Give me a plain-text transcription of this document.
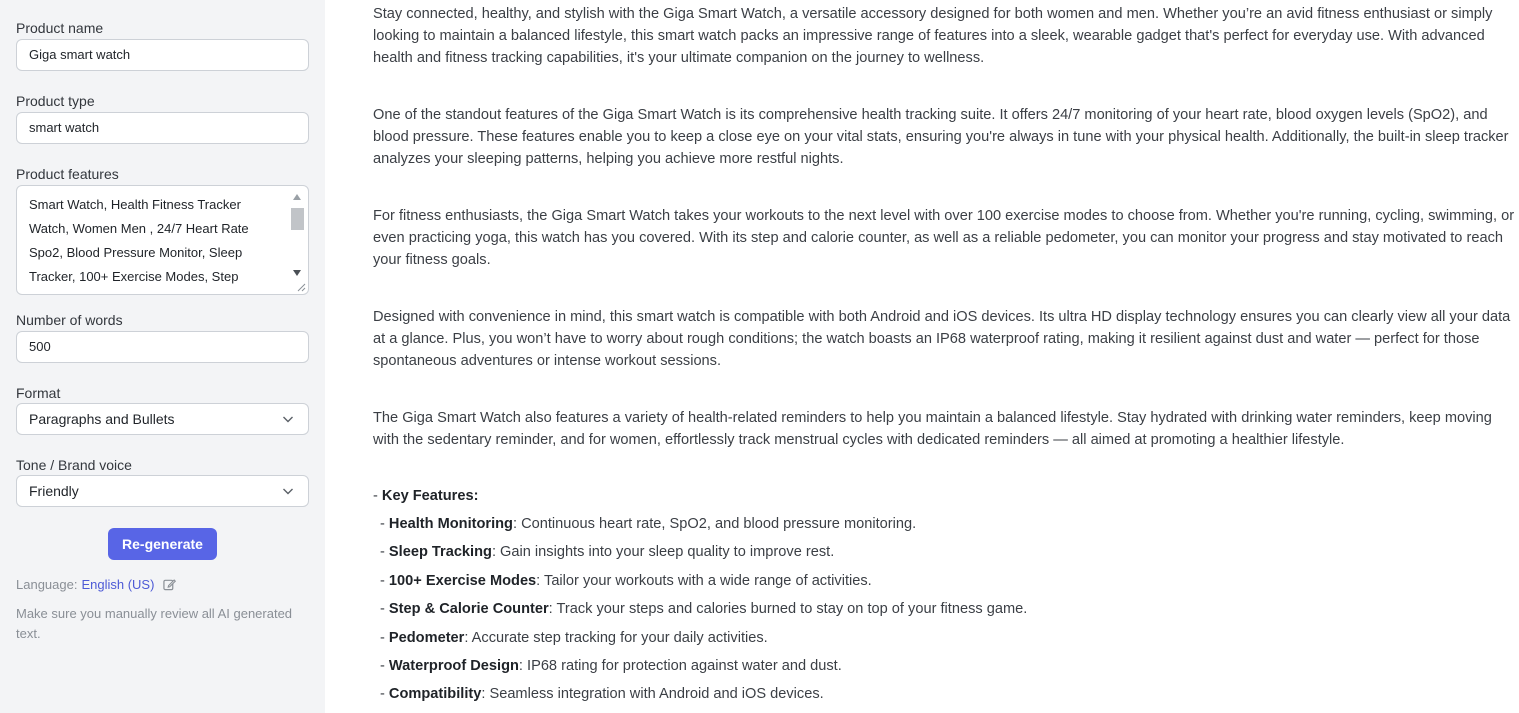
Product name
Giga smart watch
Product type
smart watch
Product features
Smart Watch, Health Fitness Tracker Watch, Women Men , 24/7 Heart Rate Spo2, Blood Pressure Monitor, Sleep Tracker, 100+ Exercise Modes, Step
Number of words
500
Format
Paragraphs and Bullets
Tone / Brand voice
Friendly
Re-generate
Language: English (US)
Make sure you manually review all AI generated text.

Stay connected, healthy, and stylish with the Giga Smart Watch, a versatile accessory designed for both women and men. Whether you’re an avid fitness enthusiast or simply looking to maintain a balanced lifestyle, this smart watch packs an impressive range of features into a sleek, wearable gadget that's perfect for everyday use. With advanced health and fitness tracking capabilities, it's your ultimate companion on the journey to wellness.

One of the standout features of the Giga Smart Watch is its comprehensive health tracking suite. It offers 24/7 monitoring of your heart rate, blood oxygen levels (SpO2), and blood pressure. These features enable you to keep a close eye on your vital stats, ensuring you're always in tune with your physical health. Additionally, the built-in sleep tracker analyzes your sleeping patterns, helping you achieve more restful nights.

For fitness enthusiasts, the Giga Smart Watch takes your workouts to the next level with over 100 exercise modes to choose from. Whether you're running, cycling, swimming, or even practicing yoga, this watch has you covered. With its step and calorie counter, as well as a reliable pedometer, you can monitor your progress and stay motivated to reach your fitness goals.

Designed with convenience in mind, this smart watch is compatible with both Android and iOS devices. Its ultra HD display technology ensures you can clearly view all your data at a glance. Plus, you won’t have to worry about rough conditions; the watch boasts an IP68 waterproof rating, making it resilient against dust and water — perfect for those spontaneous adventures or intense workout sessions.

The Giga Smart Watch also features a variety of health-related reminders to help you maintain a balanced lifestyle. Stay hydrated with drinking water reminders, keep moving with the sedentary reminder, and for women, effortlessly track menstrual cycles with dedicated reminders — all aimed at promoting a healthier lifestyle.

- Key Features:
- Health Monitoring: Continuous heart rate, SpO2, and blood pressure monitoring.
- Sleep Tracking: Gain insights into your sleep quality to improve rest.
- 100+ Exercise Modes: Tailor your workouts with a wide range of activities.
- Step & Calorie Counter: Track your steps and calories burned to stay on top of your fitness game.
- Pedometer: Accurate step tracking for your daily activities.
- Waterproof Design: IP68 rating for protection against water and dust.
- Compatibility: Seamless integration with Android and iOS devices.
